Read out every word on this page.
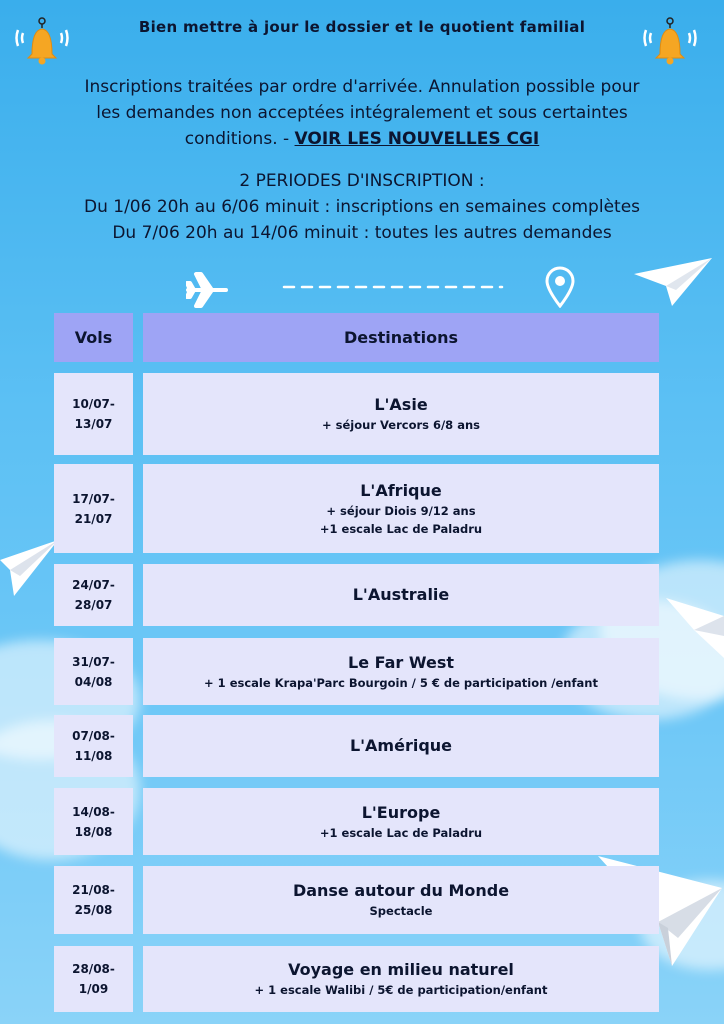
Bien mettre à jour le dossier et le quotient familial
Inscriptions traitées par ordre d'arrivée. Annulation possible pour
les demandes non acceptées intégralement et sous certaintes
conditions. - VOIR LES NOUVELLES CGI
2 PERIODES D'INSCRIPTION :
Du 1/06 20h au 6/06 minuit : inscriptions en semaines complètes
Du 7/06 20h au 14/06 minuit : toutes les autres demandes
Vols	Destinations
10/07-
13/07
L'Asie
+ séjour Vercors 6/8 ans
17/07-
21/07
L'Afrique
+ séjour Diois 9/12 ans
+1 escale Lac de Paladru
24/07-
28/07
L'Australie
31/07-
04/08
Le Far West
+ 1 escale Krapa'Parc Bourgoin / 5 € de participation /enfant
07/08-
11/08
L'Amérique
14/08-
18/08
L'Europe
+1 escale Lac de Paladru
21/08-
25/08
Danse autour du Monde
Spectacle
28/08-
1/09
Voyage en milieu naturel
+ 1 escale Walibi / 5€ de participation/enfant
